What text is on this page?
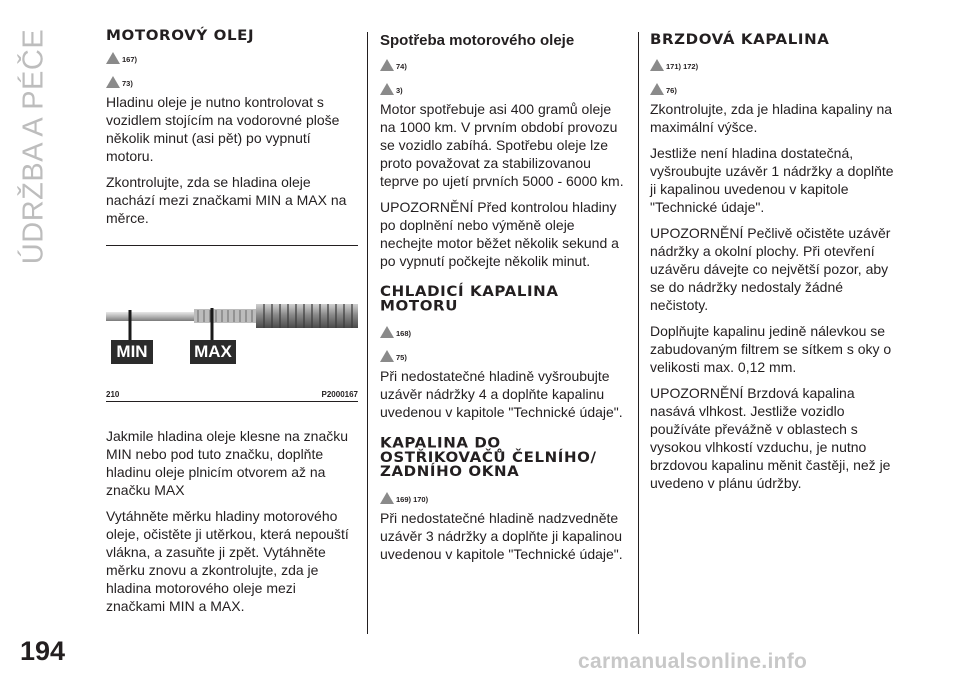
ÚDRŽBA A PÉČE	MOTOROVÝ OLEJ
167)
73)

Hladinu oleje je nutno kontrolovat s vozidlem stojícím na vodorovné ploše několik minut (asi pět) po vypnutí motoru.

Zkontrolujte, zda se hladina oleje nachází mezi značkami MIN a MAX na měrce.

MIN	MAX
210	P2000167

Jakmile hladina oleje klesne na značku MIN nebo pod tuto značku, doplňte hladinu oleje plnicím otvorem až na značku MAX

Vytáhněte měrku hladiny motorového oleje, očistěte ji utěrkou, která nepouští vlákna, a zasuňte ji zpět. Vytáhněte měrku znovu a zkontrolujte, zda je hladina motorového oleje mezi značkami MIN a MAX.

Spotřeba motorového oleje
74)
3)

Motor spotřebuje asi 400 gramů oleje na 1000 km. V prvním období provozu se vozidlo zabíhá. Spotřebu oleje lze proto považovat za stabilizovanou teprve po ujetí prvních 5000 - 6000 km.

UPOZORNĚNÍ Před kontrolou hladiny po doplnění nebo výměně oleje nechejte motor běžet několik sekund a po vypnutí počkejte několik minut.

CHLADICÍ KAPALINA MOTORU
168)
75)

Při nedostatečné hladině vyšroubujte uzávěr nádržky 4 a doplňte kapalinu uvedenou v kapitole "Technické údaje".

KAPALINA DO OSTŘIKOVAČŮ ČELNÍHO/ ZADNÍHO OKNA
169) 170)

Při nedostatečné hladině nadzvedněte uzávěr 3 nádržky a doplňte ji kapalinou uvedenou v kapitole "Technické údaje".

BRZDOVÁ KAPALINA
171) 172)
76)

Zkontrolujte, zda je hladina kapaliny na maximální výšce.

Jestliže není hladina dostatečná, vyšroubujte uzávěr 1 nádržky a doplňte ji kapalinou uvedenou v kapitole "Technické údaje".

UPOZORNĚNÍ Pečlivě očistěte uzávěr nádržky a okolní plochy. Při otevření uzávěru dávejte co největší pozor, aby se do nádržky nedostaly žádné nečistoty.

Doplňujte kapalinu jedině nálevkou se zabudovaným filtrem se sítkem s oky o velikosti max. 0,12 mm.

UPOZORNĚNÍ Brzdová kapalina nasává vlhkost. Jestliže vozidlo používáte převážně v oblastech s vysokou vlhkostí vzduchu, je nutno brzdovou kapalinu měnit častěji, než je uvedeno v plánu údržby.

194	carmanualsonline.info
